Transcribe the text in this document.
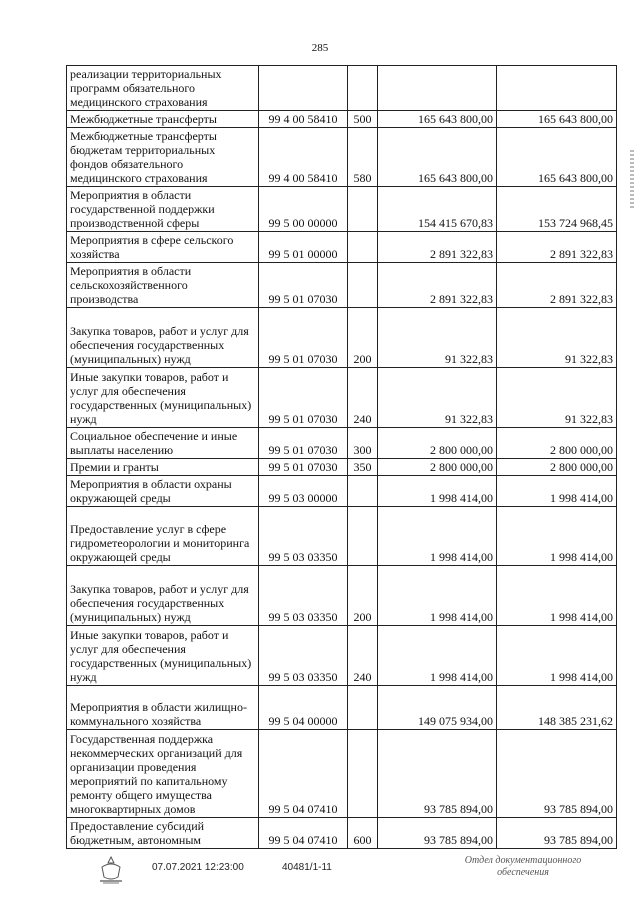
285
реализации территориальных программ обязательного медицинского страхования				
Межбюджетные трансферты	99 4 00 58410	500	165 643 800,00	165 643 800,00
Межбюджетные трансферты бюджетам территориальных фондов обязательного медицинского страхования	99 4 00 58410	580	165 643 800,00	165 643 800,00
Мероприятия в области государственной поддержки производственной сферы	99 5 00 00000		154 415 670,83	153 724 968,45
Мероприятия в сфере сельского хозяйства	99 5 01 00000		2 891 322,83	2 891 322,83
Мероприятия в области сельскохозяйственного производства	99 5 01 07030		2 891 322,83	2 891 322,83
Закупка товаров, работ и услуг для обеспечения государственных (муниципальных) нужд	99 5 01 07030	200	91 322,83	91 322,83
Иные закупки товаров, работ и услуг для обеспечения государственных (муниципальных) нужд	99 5 01 07030	240	91 322,83	91 322,83
Социальное обеспечение и иные выплаты населению	99 5 01 07030	300	2 800 000,00	2 800 000,00
Премии и гранты	99 5 01 07030	350	2 800 000,00	2 800 000,00
Мероприятия в области охраны окружающей среды	99 5 03 00000		1 998 414,00	1 998 414,00
Предоставление услуг в сфере гидрометеорологии и мониторинга окружающей среды	99 5 03 03350		1 998 414,00	1 998 414,00
Закупка товаров, работ и услуг для обеспечения государственных (муниципальных) нужд	99 5 03 03350	200	1 998 414,00	1 998 414,00
Иные закупки товаров, работ и услуг для обеспечения государственных (муниципальных) нужд	99 5 03 03350	240	1 998 414,00	1 998 414,00
Мероприятия в области жилищно-коммунального хозяйства	99 5 04 00000		149 075 934,00	148 385 231,62
Государственная поддержка некоммерческих организаций для организации проведения мероприятий по капитальному ремонту общего имущества многоквартирных домов	99 5 04 07410		93 785 894,00	93 785 894,00
Предоставление субсидий бюджетным, автономным	99 5 04 07410	600	93 785 894,00	93 785 894,00
07.07.2021 12:23:00	40481/1-11
Отдел документационного
обеспечения
